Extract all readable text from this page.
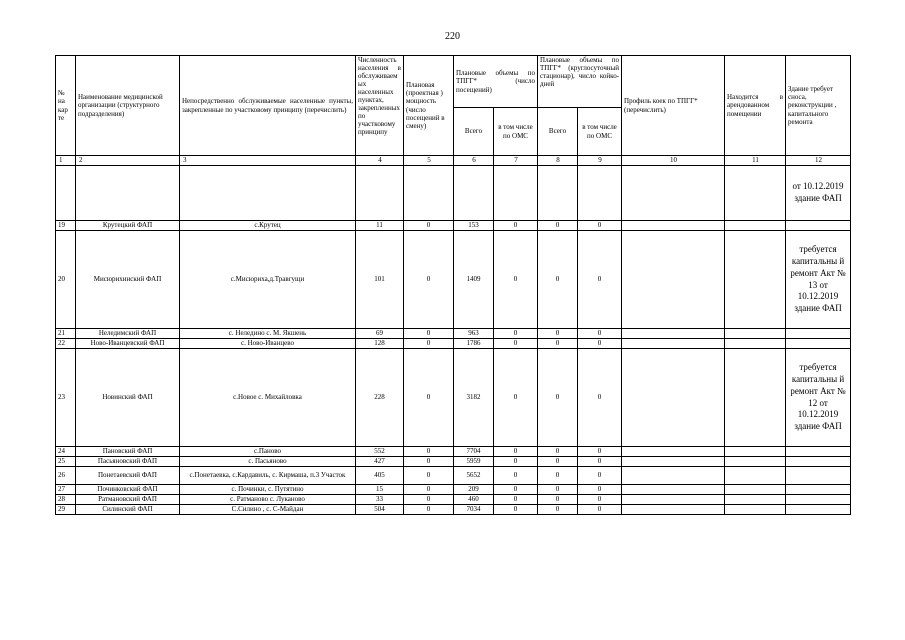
220
№ на кар те	Наименование медицинской организации (структурного подразделения)	Непосредственно обслуживаемые населенные пункты, закрепленные по участковому принципу (перечислить)	Численность населения в обслуживаем ых населенных пунктах, закрепленных по участковому принципу	Плановая (проектная ) мощность (число посещений в смену)	Плановые объемы по ТПГГ* (число посещений)		Плановые объемы по ТПГГ* (круглосуточный стационар), число койко-дней		Профиль коек по ТПГГ* (перечислить)	Находится в арендованном помещении	Здание требует сноса, реконструкции , капитального ремонта
					Всего	в том числе по ОМС	Всего	в том числе по ОМС			
1	2	3	4	5	6	7	8	9	10	11	12
											от 10.12.2019 здание ФАП
19	Крутецкий ФАП	с.Крутец	11	0	153	0	0	0			
20	Мисюрихинский ФАП	с.Мисюриха,д.Травгущи	101	0	1409	0	0	0			требуется капитальны й ремонт Акт № 13 от 10.12.2019 здание ФАП
21	Неледимский ФАП	с. Неледино с. М. Якшень	69	0	963	0	0	0			
22	Ново-Иванцевский ФАП	с. Ново-Иванцево	128	0	1786	0	0	0			
23	Новинский ФАП	с.Новое с. Михайловка	228	0	3182	0	0	0			требуется капитальны й ремонт Акт № 12 от 10.12.2019 здание ФАП
24	Пановский ФАП	с.Паново	552	0	7704	0	0	0			
25	Пасьяновский ФАП	с. Пасьяново	427	0	5959	0	0	0			
26	Понетаевский ФАП	с.Понетаевка, с.Кардавиль, с. Кирмаша, п.3 Участок	405	0	5652	0	0	0			
27	Починковский ФАП	с. Починки, с. Путятино	15	0	209	0	0	0			
28	Ратмановский ФАП	с. Ратманово с. Луканово	33	0	460	0	0	0			
29	Силинский ФАП	С.Силино , с. С-Майдан	504	0	7034	0	0	0			
